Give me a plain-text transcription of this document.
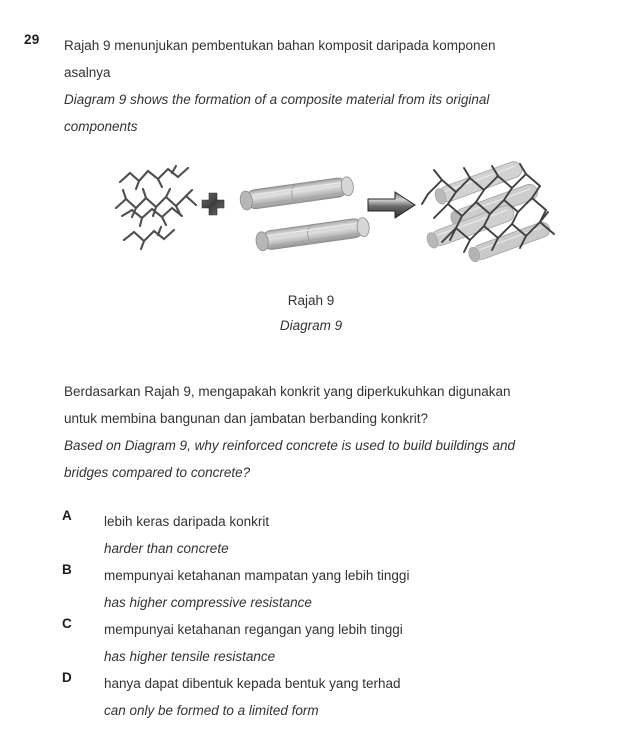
29 Rajah 9 menunjukan pembentukan bahan komposit daripada komponen
asalnya
Diagram 9 shows the formation of a composite material from its original
components
Rajah 9
Diagram 9
Berdasarkan Rajah 9, mengapakah konkrit yang diperkukuhkan digunakan
untuk membina bangunan dan jambatan berbanding konkrit?
Based on Diagram 9, why reinforced concrete is used to build buildings and
bridges compared to concrete?
A lebih keras daripada konkrit
harder than concrete
B mempunyai ketahanan mampatan yang lebih tinggi
has higher compressive resistance
C mempunyai ketahanan regangan yang lebih tinggi
has higher tensile resistance
D hanya dapat dibentuk kepada bentuk yang terhad
can only be formed to a limited form
